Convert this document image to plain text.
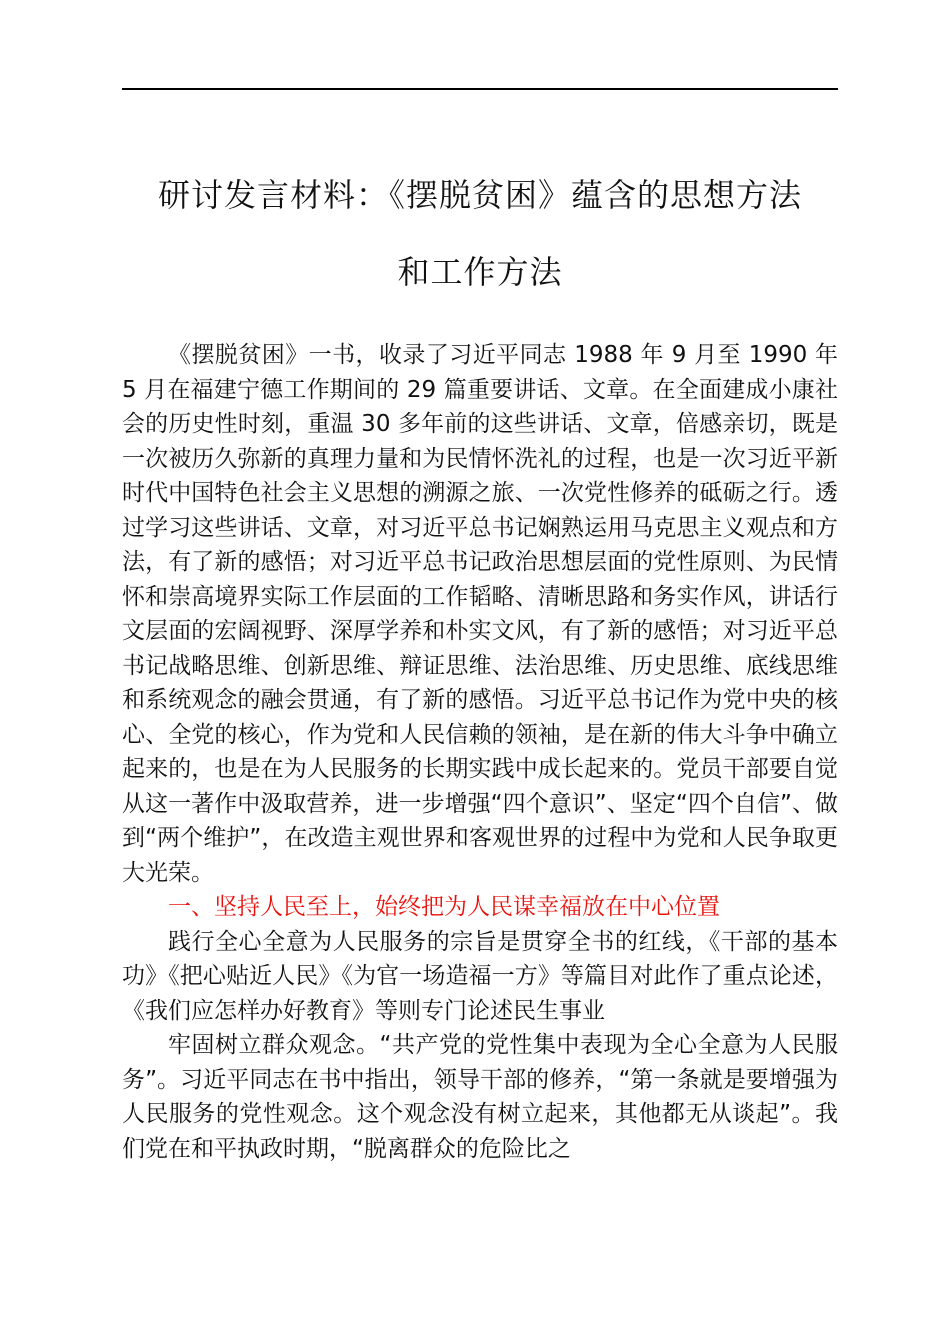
研讨发言材料：《摆脱贫困》蕴含的思想方法
和工作方法

《摆脱贫困》一书，收录了习近平同志 1988 年 9 月至 1990 年 5 月在福建宁德工作期间的 29 篇重要讲话、文章。在全面建成小康社会的历史性时刻，重温 30 多年前的这些讲话、文章，倍感亲切，既是一次被历久弥新的真理力量和为民情怀洗礼的过程，也是一次习近平新时代中国特色社会主义思想的溯源之旅、一次党性修养的砥砺之行。透过学习这些讲话、文章，对习近平总书记娴熟运用马克思主义观点和方法，有了新的感悟；对习近平总书记政治思想层面的党性原则、为民情怀和崇高境界实际工作层面的工作韬略、清晰思路和务实作风，讲话行文层面的宏阔视野、深厚学养和朴实文风，有了新的感悟；对习近平总书记战略思维、创新思维、辩证思维、法治思维、历史思维、底线思维和系统观念的融会贯通，有了新的感悟。习近平总书记作为党中央的核心、全党的核心，作为党和人民信赖的领袖，是在新的伟大斗争中确立起来的，也是在为人民服务的长期实践中成长起来的。党员干部要自觉从这一著作中汲取营养，进一步增强“四个意识”、坚定“四个自信”、做到“两个维护”，在改造主观世界和客观世界的过程中为党和人民争取更大光荣。

一、坚持人民至上，始终把为人民谋幸福放在中心位置

践行全心全意为人民服务的宗旨是贯穿全书的红线，《干部的基本功》《把心贴近人民》《为官一场造福一方》等篇目对此作了重点论述，《我们应怎样办好教育》等则专门论述民生事业

牢固树立群众观念。“共产党的党性集中表现为全心全意为人民服务”。习近平同志在书中指出，领导干部的修养，“第一条就是要增强为人民服务的党性观念。这个观念没有树立起来，其他都无从谈起”。我们党在和平执政时期，“脱离群众的危险比之
